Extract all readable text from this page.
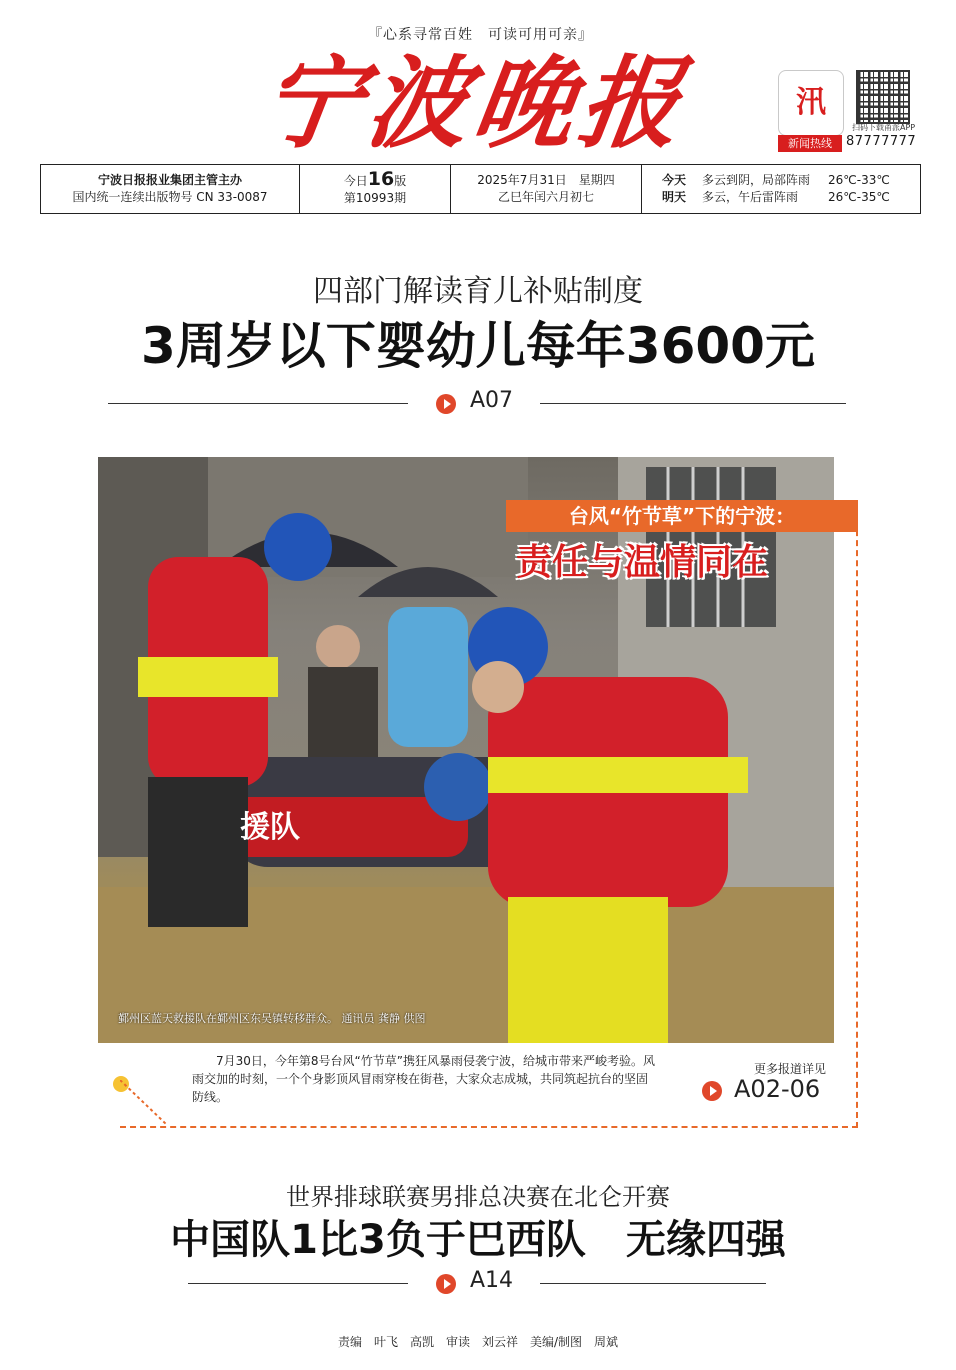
『心系寻常百姓　可读可用可亲』
宁波晚报	汛
新闻热线	87777777
扫码下载甬派APP
宁波日报报业集团主管主办
国内统一连续出版物号 CN 33-0087
今日16版
第10993期
2025年7月31日　星期四
乙巳年闰六月初七
今天	多云到阴，局部阵雨	26℃-33℃
明天	多云，午后雷阵雨	26℃-35℃
四部门解读育儿补贴制度
3周岁以下婴幼儿每年3600元
A07
援队
鄞州区蓝天救援队在鄞州区东吴镇转移群众。 通讯员 龚静 供图
台风“竹节草”下的宁波：
责任与温情同在
7月30日，今年第8号台风“竹节草”携狂风暴雨侵袭宁波，给城市带来严峻考验。风雨交加的时刻，一个个身影顶风冒雨穿梭在街巷，大家众志成城，共同筑起抗台的坚固防线。
更多报道详见
A02-06
世界排球联赛男排总决赛在北仑开赛
中国队1比3负于巴西队　无缘四强
A14
责编　叶飞　高凯　审读　刘云祥　美编/制图　周斌
